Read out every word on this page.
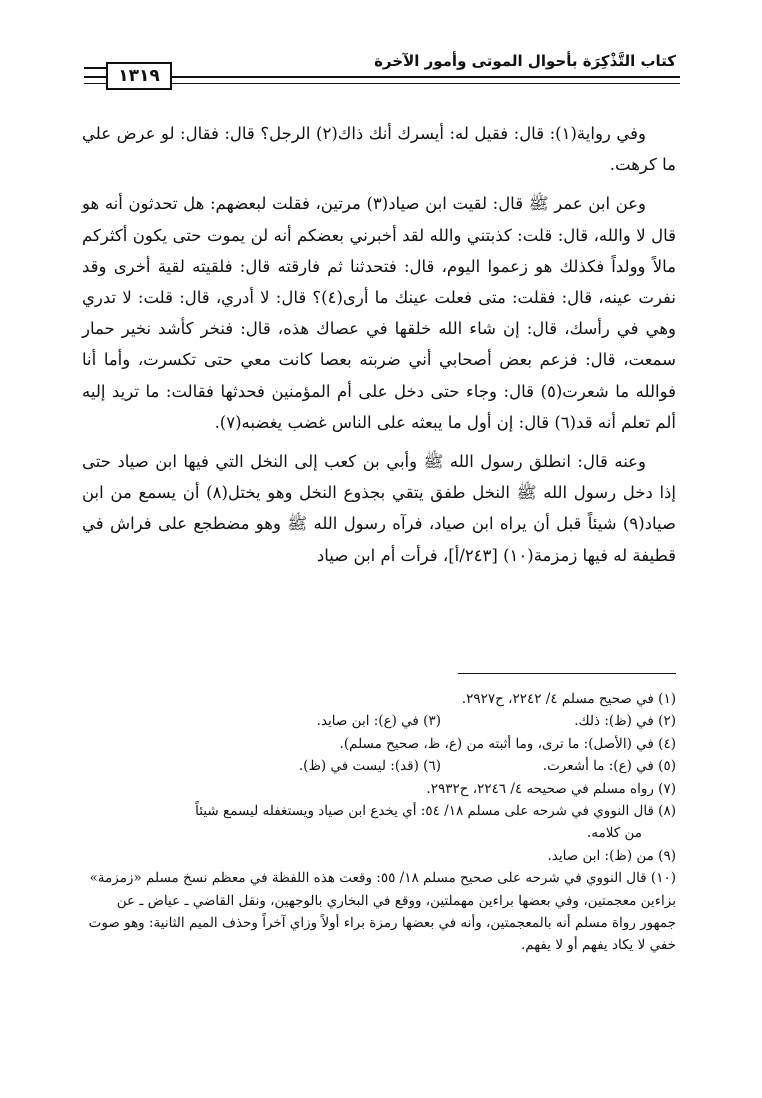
كتاب التَّذْكِرَة بأحوال الموتى وأمور الآخرة
١٣١٩

وفي رواية(١): قال: فقيل له: أيسرك أنك ذاك(٢) الرجل؟ قال: فقال: لو عرض علي ما كرهت.

وعن ابن عمر ﷺ قال: لقيت ابن صياد(٣) مرتين، فقلت لبعضهم: هل تحدثون أنه هو قال لا والله، قال: قلت: كذبتني والله لقد أخبرني بعضكم أنه لن يموت حتى يكون أكثركم مالاً وولداً فكذلك هو زعموا اليوم، قال: فتحدثنا ثم فارقته قال: فلقيته لقية أخرى وقد نفرت عينه، قال: فقلت: متى فعلت عينك ما أرى(٤)؟ قال: لا أدري، قال: قلت: لا تدري وهي في رأسك، قال: إن شاء الله خلقها في عصاك هذه، قال: فنخر كأشد نخير حمار سمعت، قال: فزعم بعض أصحابي أني ضربته بعصا كانت معي حتى تكسرت، وأما أنا فوالله ما شعرت(٥) قال: وجاء حتى دخل على أم المؤمنين فحدثها فقالت: ما تريد إليه ألم تعلم أنه قد(٦) قال: إن أول ما يبعثه على الناس غضب يغضبه(٧).

وعنه قال: انطلق رسول الله ﷺ وأبي بن كعب إلى النخل التي فيها ابن صياد حتى إذا دخل رسول الله ﷺ النخل طفق يتقي بجذوع النخل وهو يختل(٨) أن يسمع من ابن صياد(٩) شيئاً قبل أن يراه ابن صياد، فرآه رسول الله ﷺ وهو مضطجع على فراش في قطيفة له فيها زمزمة(١٠) [٢٤٣/أ]، فرأت أم ابن صياد

(١) في صحيح مسلم ٤/ ٢٢٤٢، ح٢٩٢٧.

(٢) في (ظ): ذلك.

(٣) في (ع): ابن صايد.

(٤) في (الأصل): ما ترى، وما أثبته من (ع، ظ، صحيح مسلم).

(٥) في (ع): ما أشعرت.

(٦) (قد): ليست في (ظ).

(٧) رواه مسلم في صحيحه ٤/ ٢٢٤٦، ح٢٩٣٢.

(٨) قال النووي في شرحه على مسلم ١٨/ ٥٤: أي يخدع ابن صياد ويستغفله ليسمع شيئاً

من كلامه.

(٩) من (ظ): ابن صايد.

(١٠) قال النووي في شرحه على صحيح مسلم ١٨/ ٥٥: وقعت هذه اللفظة في معظم نسخ مسلم «زمزمة» بزاءين معجمتين، وفي بعضها براءين مهملتين، ووقع في البخاري بالوجهين، ونقل القاضي ـ عياض ـ عن جمهور رواة مسلم أنه بالمعجمتين، وأنه في بعضها رمزة براء أولاً وزاي آخراً وحذف الميم الثانية: وهو صوت خفي لا يكاد يفهم أو لا يفهم.
